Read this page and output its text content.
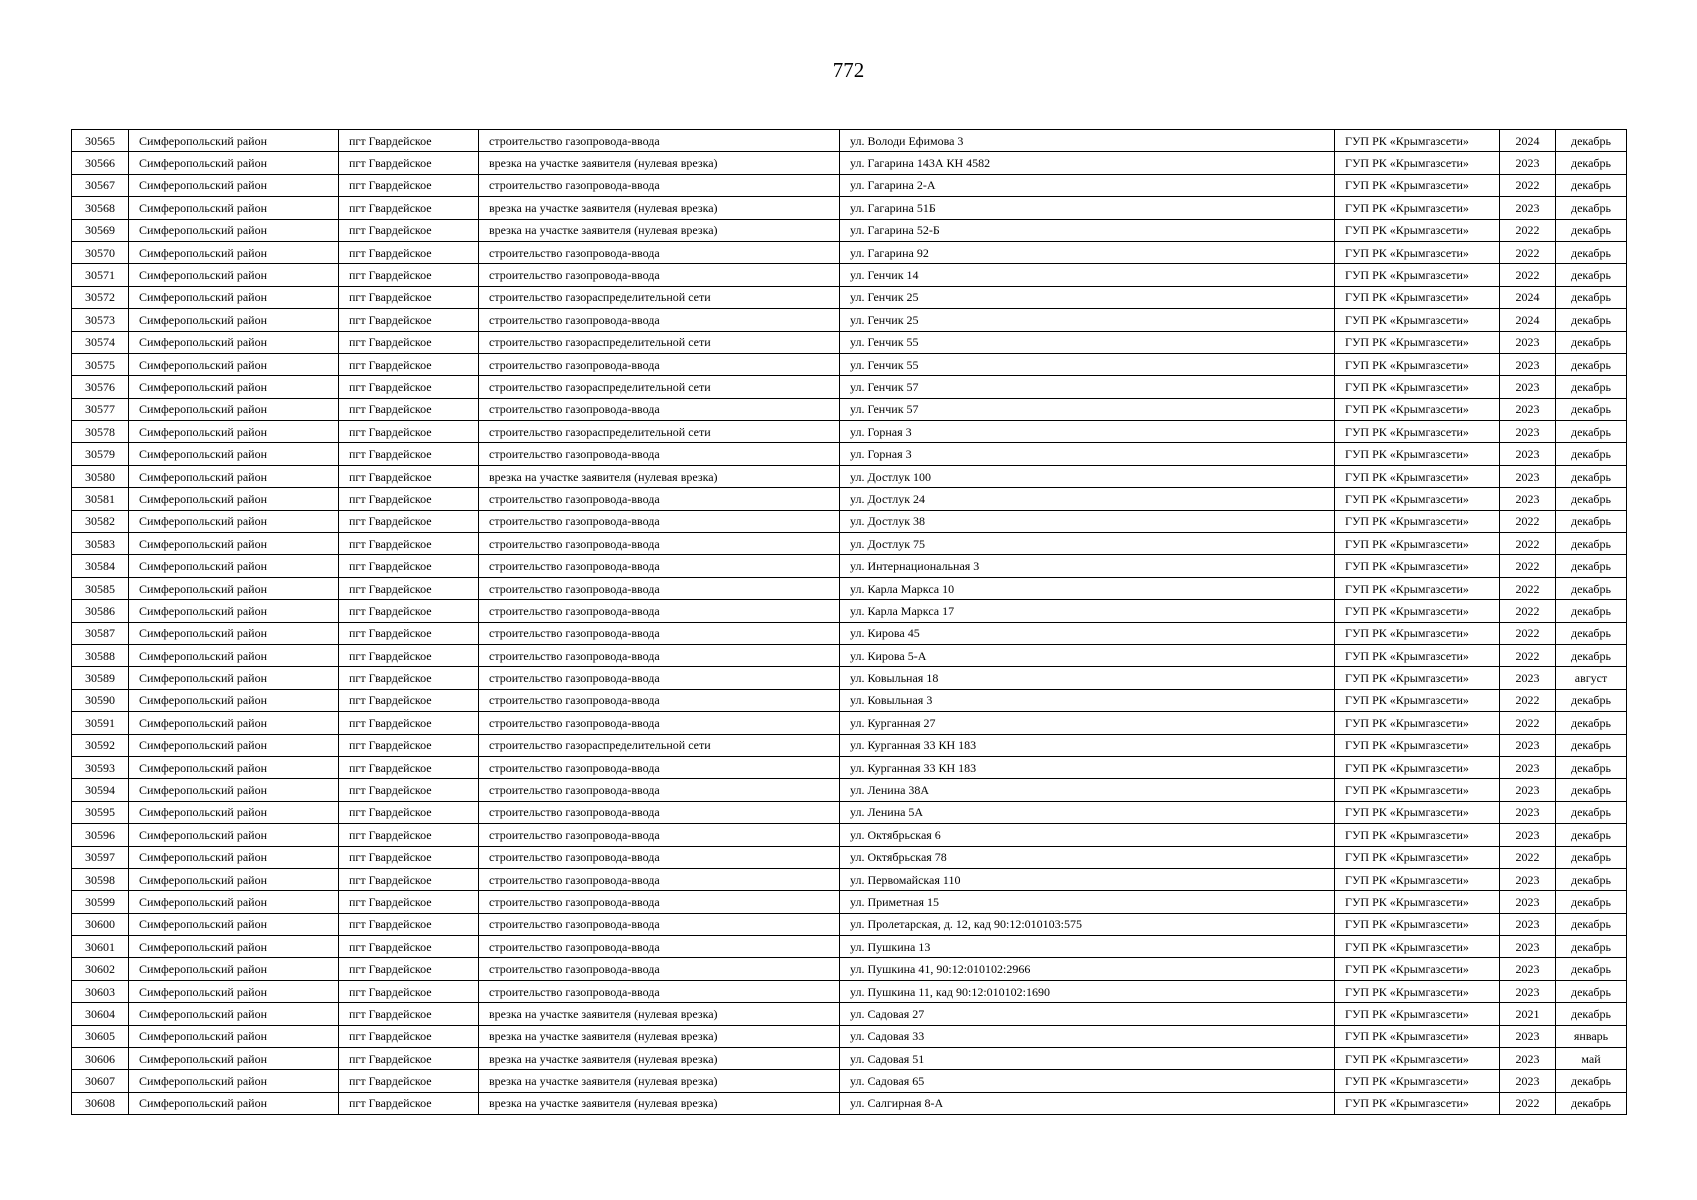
772
30565	Симферопольский район	пгт Гвардейское	строительство газопровода-ввода	ул. Володи Ефимова 3	ГУП РК «Крымгазсети»	2024	декабрь
30566	Симферопольский район	пгт Гвардейское	врезка на участке заявителя (нулевая врезка)	ул. Гагарина 143А КН 4582	ГУП РК «Крымгазсети»	2023	декабрь
30567	Симферопольский район	пгт Гвардейское	строительство газопровода-ввода	ул. Гагарина 2-А	ГУП РК «Крымгазсети»	2022	декабрь
30568	Симферопольский район	пгт Гвардейское	врезка на участке заявителя (нулевая врезка)	ул. Гагарина 51Б	ГУП РК «Крымгазсети»	2023	декабрь
30569	Симферопольский район	пгт Гвардейское	врезка на участке заявителя (нулевая врезка)	ул. Гагарина 52-Б	ГУП РК «Крымгазсети»	2022	декабрь
30570	Симферопольский район	пгт Гвардейское	строительство газопровода-ввода	ул. Гагарина 92	ГУП РК «Крымгазсети»	2022	декабрь
30571	Симферопольский район	пгт Гвардейское	строительство газопровода-ввода	ул. Генчик 14	ГУП РК «Крымгазсети»	2022	декабрь
30572	Симферопольский район	пгт Гвардейское	строительство газораспределительной сети	ул. Генчик 25	ГУП РК «Крымгазсети»	2024	декабрь
30573	Симферопольский район	пгт Гвардейское	строительство газопровода-ввода	ул. Генчик 25	ГУП РК «Крымгазсети»	2024	декабрь
30574	Симферопольский район	пгт Гвардейское	строительство газораспределительной сети	ул. Генчик 55	ГУП РК «Крымгазсети»	2023	декабрь
30575	Симферопольский район	пгт Гвардейское	строительство газопровода-ввода	ул. Генчик 55	ГУП РК «Крымгазсети»	2023	декабрь
30576	Симферопольский район	пгт Гвардейское	строительство газораспределительной сети	ул. Генчик 57	ГУП РК «Крымгазсети»	2023	декабрь
30577	Симферопольский район	пгт Гвардейское	строительство газопровода-ввода	ул. Генчик 57	ГУП РК «Крымгазсети»	2023	декабрь
30578	Симферопольский район	пгт Гвардейское	строительство газораспределительной сети	ул. Горная 3	ГУП РК «Крымгазсети»	2023	декабрь
30579	Симферопольский район	пгт Гвардейское	строительство газопровода-ввода	ул. Горная 3	ГУП РК «Крымгазсети»	2023	декабрь
30580	Симферопольский район	пгт Гвардейское	врезка на участке заявителя (нулевая врезка)	ул. Достлук 100	ГУП РК «Крымгазсети»	2023	декабрь
30581	Симферопольский район	пгт Гвардейское	строительство газопровода-ввода	ул. Достлук 24	ГУП РК «Крымгазсети»	2023	декабрь
30582	Симферопольский район	пгт Гвардейское	строительство газопровода-ввода	ул. Достлук 38	ГУП РК «Крымгазсети»	2022	декабрь
30583	Симферопольский район	пгт Гвардейское	строительство газопровода-ввода	ул. Достлук 75	ГУП РК «Крымгазсети»	2022	декабрь
30584	Симферопольский район	пгт Гвардейское	строительство газопровода-ввода	ул. Интернациональная 3	ГУП РК «Крымгазсети»	2022	декабрь
30585	Симферопольский район	пгт Гвардейское	строительство газопровода-ввода	ул. Карла Маркса 10	ГУП РК «Крымгазсети»	2022	декабрь
30586	Симферопольский район	пгт Гвардейское	строительство газопровода-ввода	ул. Карла Маркса 17	ГУП РК «Крымгазсети»	2022	декабрь
30587	Симферопольский район	пгт Гвардейское	строительство газопровода-ввода	ул. Кирова 45	ГУП РК «Крымгазсети»	2022	декабрь
30588	Симферопольский район	пгт Гвардейское	строительство газопровода-ввода	ул. Кирова 5-А	ГУП РК «Крымгазсети»	2022	декабрь
30589	Симферопольский район	пгт Гвардейское	строительство газопровода-ввода	ул. Ковыльная 18	ГУП РК «Крымгазсети»	2023	август
30590	Симферопольский район	пгт Гвардейское	строительство газопровода-ввода	ул. Ковыльная 3	ГУП РК «Крымгазсети»	2022	декабрь
30591	Симферопольский район	пгт Гвардейское	строительство газопровода-ввода	ул. Курганная 27	ГУП РК «Крымгазсети»	2022	декабрь
30592	Симферопольский район	пгт Гвардейское	строительство газораспределительной сети	ул. Курганная 33 КН 183	ГУП РК «Крымгазсети»	2023	декабрь
30593	Симферопольский район	пгт Гвардейское	строительство газопровода-ввода	ул. Курганная 33 КН 183	ГУП РК «Крымгазсети»	2023	декабрь
30594	Симферопольский район	пгт Гвардейское	строительство газопровода-ввода	ул. Ленина 38А	ГУП РК «Крымгазсети»	2023	декабрь
30595	Симферопольский район	пгт Гвардейское	строительство газопровода-ввода	ул. Ленина 5А	ГУП РК «Крымгазсети»	2023	декабрь
30596	Симферопольский район	пгт Гвардейское	строительство газопровода-ввода	ул. Октябрьская 6	ГУП РК «Крымгазсети»	2023	декабрь
30597	Симферопольский район	пгт Гвардейское	строительство газопровода-ввода	ул. Октябрьская 78	ГУП РК «Крымгазсети»	2022	декабрь
30598	Симферопольский район	пгт Гвардейское	строительство газопровода-ввода	ул. Первомайская 110	ГУП РК «Крымгазсети»	2023	декабрь
30599	Симферопольский район	пгт Гвардейское	строительство газопровода-ввода	ул. Приметная 15	ГУП РК «Крымгазсети»	2023	декабрь
30600	Симферопольский район	пгт Гвардейское	строительство газопровода-ввода	ул. Пролетарская, д. 12, кад 90:12:010103:575	ГУП РК «Крымгазсети»	2023	декабрь
30601	Симферопольский район	пгт Гвардейское	строительство газопровода-ввода	ул. Пушкина 13	ГУП РК «Крымгазсети»	2023	декабрь
30602	Симферопольский район	пгт Гвардейское	строительство газопровода-ввода	ул. Пушкина 41, 90:12:010102:2966	ГУП РК «Крымгазсети»	2023	декабрь
30603	Симферопольский район	пгт Гвардейское	строительство газопровода-ввода	ул. Пушкина 11, кад 90:12:010102:1690	ГУП РК «Крымгазсети»	2023	декабрь
30604	Симферопольский район	пгт Гвардейское	врезка на участке заявителя (нулевая врезка)	ул. Садовая 27	ГУП РК «Крымгазсети»	2021	декабрь
30605	Симферопольский район	пгт Гвардейское	врезка на участке заявителя (нулевая врезка)	ул. Садовая 33	ГУП РК «Крымгазсети»	2023	январь
30606	Симферопольский район	пгт Гвардейское	врезка на участке заявителя (нулевая врезка)	ул. Садовая 51	ГУП РК «Крымгазсети»	2023	май
30607	Симферопольский район	пгт Гвардейское	врезка на участке заявителя (нулевая врезка)	ул. Садовая 65	ГУП РК «Крымгазсети»	2023	декабрь
30608	Симферопольский район	пгт Гвардейское	врезка на участке заявителя (нулевая врезка)	ул. Салгирная 8-А	ГУП РК «Крымгазсети»	2022	декабрь
